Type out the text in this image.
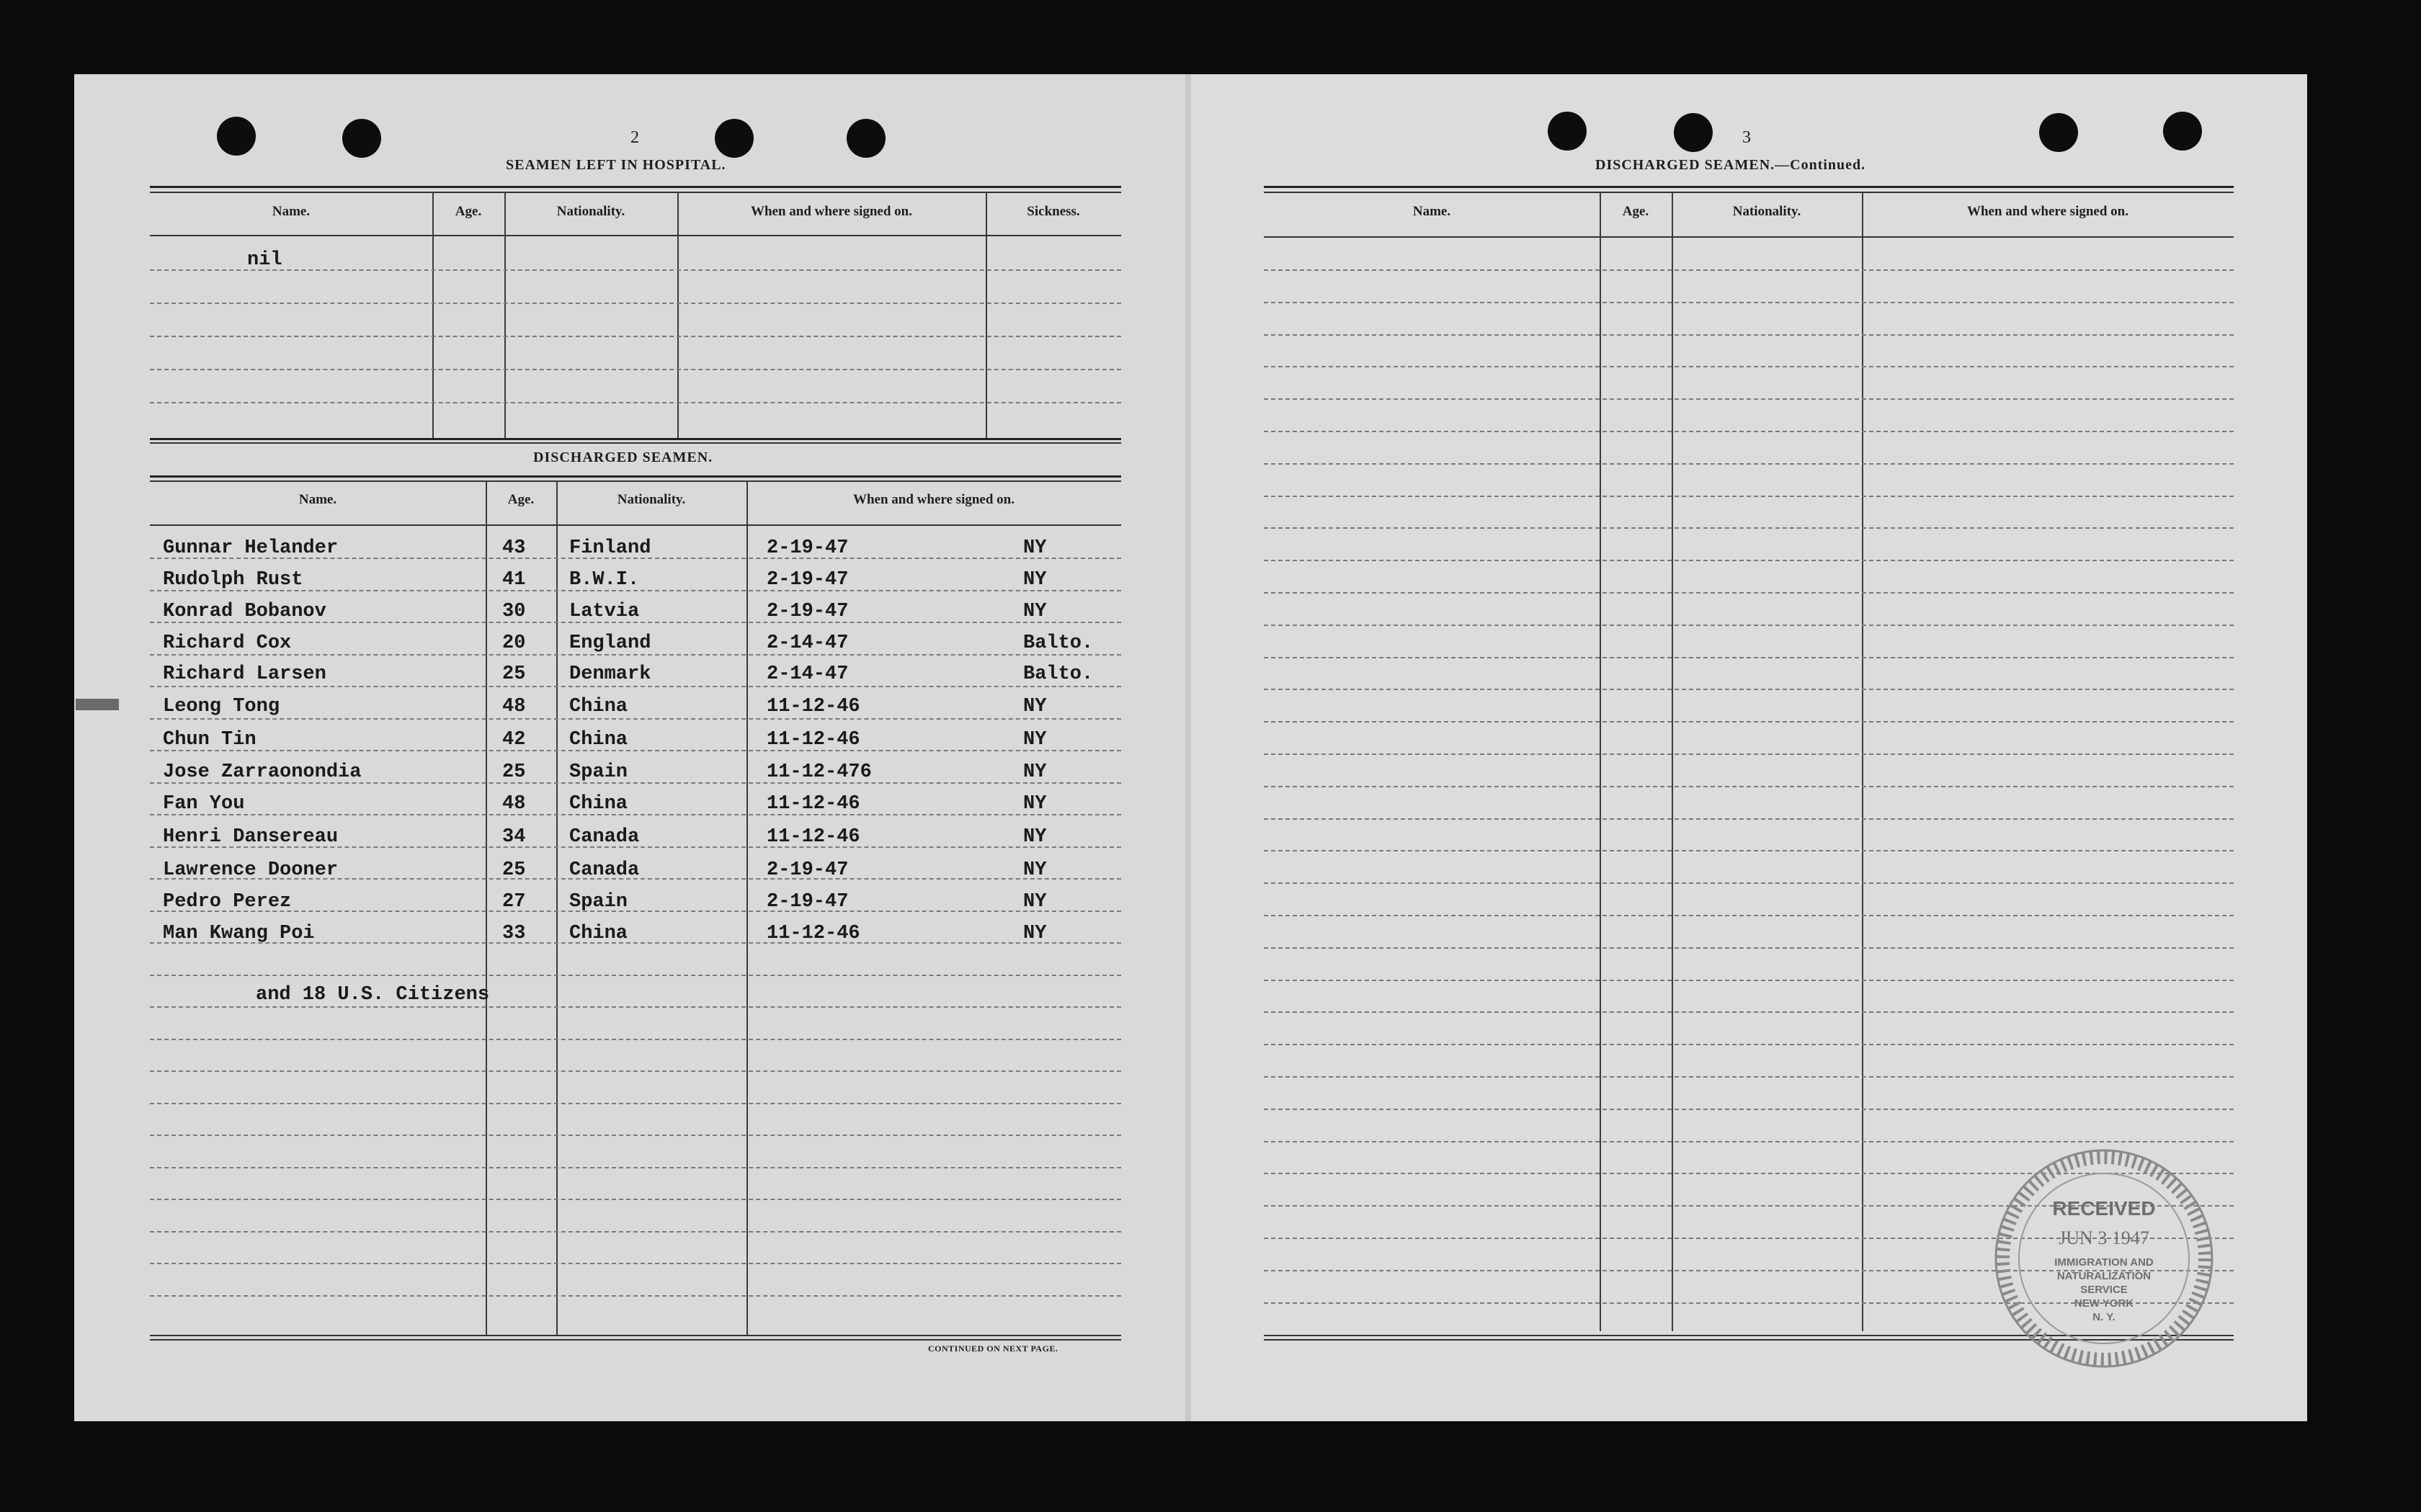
2
SEAMEN LEFT IN HOSPITAL.
Name.	Age.	Nationality.	When and where signed on.	Sickness.
nil
DISCHARGED SEAMEN.
Name.	Age.	Nationality.	When and where signed on.
Gunnar Helander	43 Finland	2-19-47	NY
Rudolph Rust	41 B.W.I.	2-19-47	NY
Konrad Bobanov	30 Latvia	2-19-47	NY
Richard Cox	20 England	2-14-47	Balto.
Richard Larsen	25 Denmark	2-14-47	Balto.
Leong Tong	48 China	11-12-46	NY
Chun Tin	42 China	11-12-46	NY
Jose Zarraonondia	25 Spain	11-12-476	NY
Fan You	48 China	11-12-46	NY
Henri Dansereau	34 Canada	11-12-46	NY
Lawrence Dooner	25 Canada	2-19-47	NY
Pedro Perez	27 Spain	2-19-47	NY
Man Kwang Poi	33 China	11-12-46	NY
and 18 U.S. Citizens
CONTINUED ON NEXT PAGE.
3
DISCHARGED SEAMEN.—Continued.
Name.	Age.	Nationality.	When and where signed on.
RECEIVED
JUN 3 1947
IMMIGRATION AND
NATURALIZATION
SERVICE
NEW YORK
N. Y.
